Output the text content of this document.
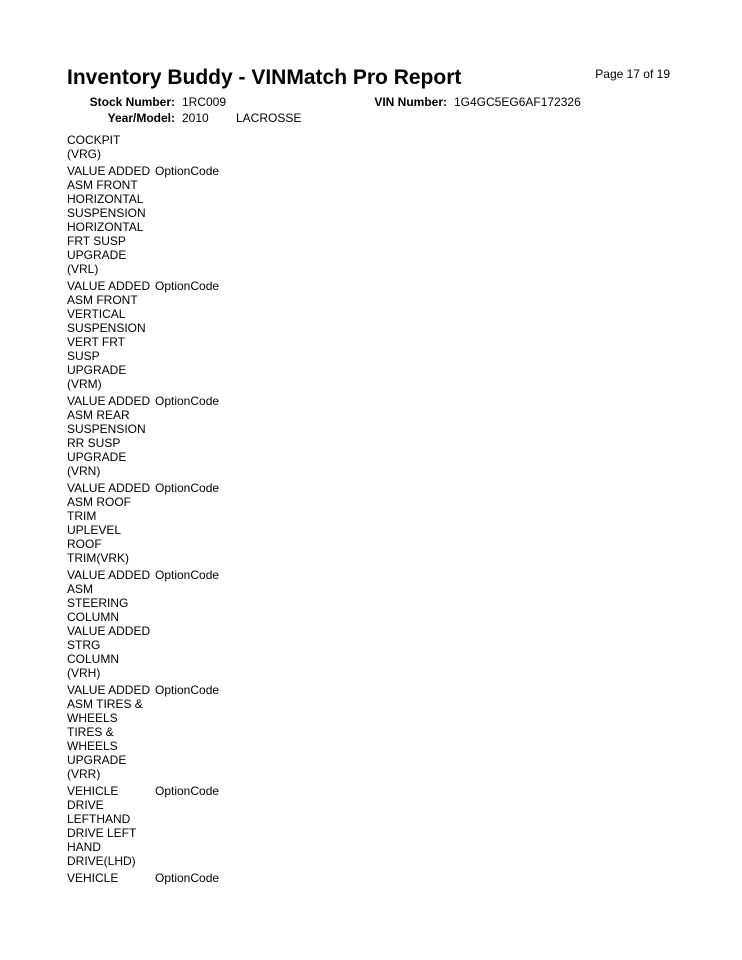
Inventory Buddy - VINMatch Pro Report	Page 17 of 19
Stock Number: 1RC009	VIN Number: 1G4GC5EG6AF172326
Year/Model: 2010 LACROSSE
COCKPIT
(VRG)
VALUE ADDED OptionCode
ASM FRONT
HORIZONTAL
SUSPENSION
HORIZONTAL
FRT SUSP
UPGRADE
(VRL)
VALUE ADDED OptionCode
ASM FRONT
VERTICAL
SUSPENSION
VERT FRT
SUSP
UPGRADE
(VRM)
VALUE ADDED OptionCode
ASM REAR
SUSPENSION
RR SUSP
UPGRADE
(VRN)
VALUE ADDED OptionCode
ASM ROOF
TRIM
UPLEVEL
ROOF
TRIM(VRK)
VALUE ADDED OptionCode
ASM
STEERING
COLUMN
VALUE ADDED
STRG
COLUMN
(VRH)
VALUE ADDED OptionCode
ASM TIRES &
WHEELS
TIRES &
WHEELS
UPGRADE
(VRR)
VEHICLE	OptionCode
DRIVE
LEFTHAND
DRIVE LEFT
HAND
DRIVE(LHD)
VEHICLE	OptionCode
